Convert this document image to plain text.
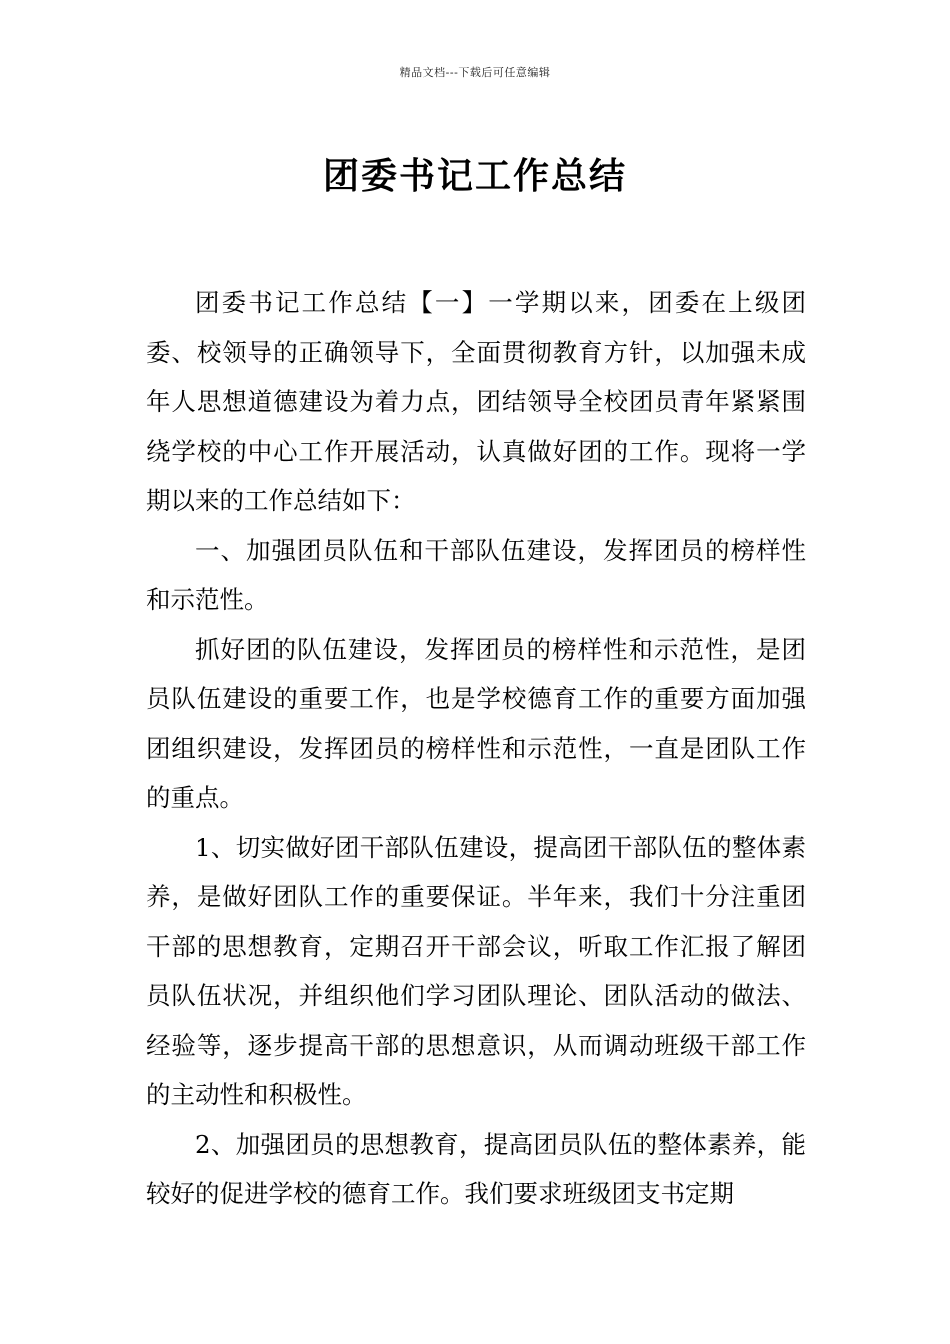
精品文档---下载后可任意编辑
团委书记工作总结

团委书记工作总结【一】一学期以来，团委在上级团委、校领导的正确领导下，全面贯彻教育方针，以加强未成年人思想道德建设为着力点，团结领导全校团员青年紧紧围绕学校的中心工作开展活动，认真做好团的工作。现将一学期以来的工作总结如下：

一、加强团员队伍和干部队伍建设，发挥团员的榜样性和示范性。

抓好团的队伍建设，发挥团员的榜样性和示范性，是团员队伍建设的重要工作，也是学校德育工作的重要方面加强团组织建设，发挥团员的榜样性和示范性，一直是团队工作的重点。

1、切实做好团干部队伍建设，提高团干部队伍的整体素养，是做好团队工作的重要保证。半年来，我们十分注重团干部的思想教育，定期召开干部会议，听取工作汇报了解团员队伍状况，并组织他们学习团队理论、团队活动的做法、经验等，逐步提高干部的思想意识，从而调动班级干部工作的主动性和积极性。

2、加强团员的思想教育，提高团员队伍的整体素养，能较好的促进学校的德育工作。我们要求班级团支书定期
